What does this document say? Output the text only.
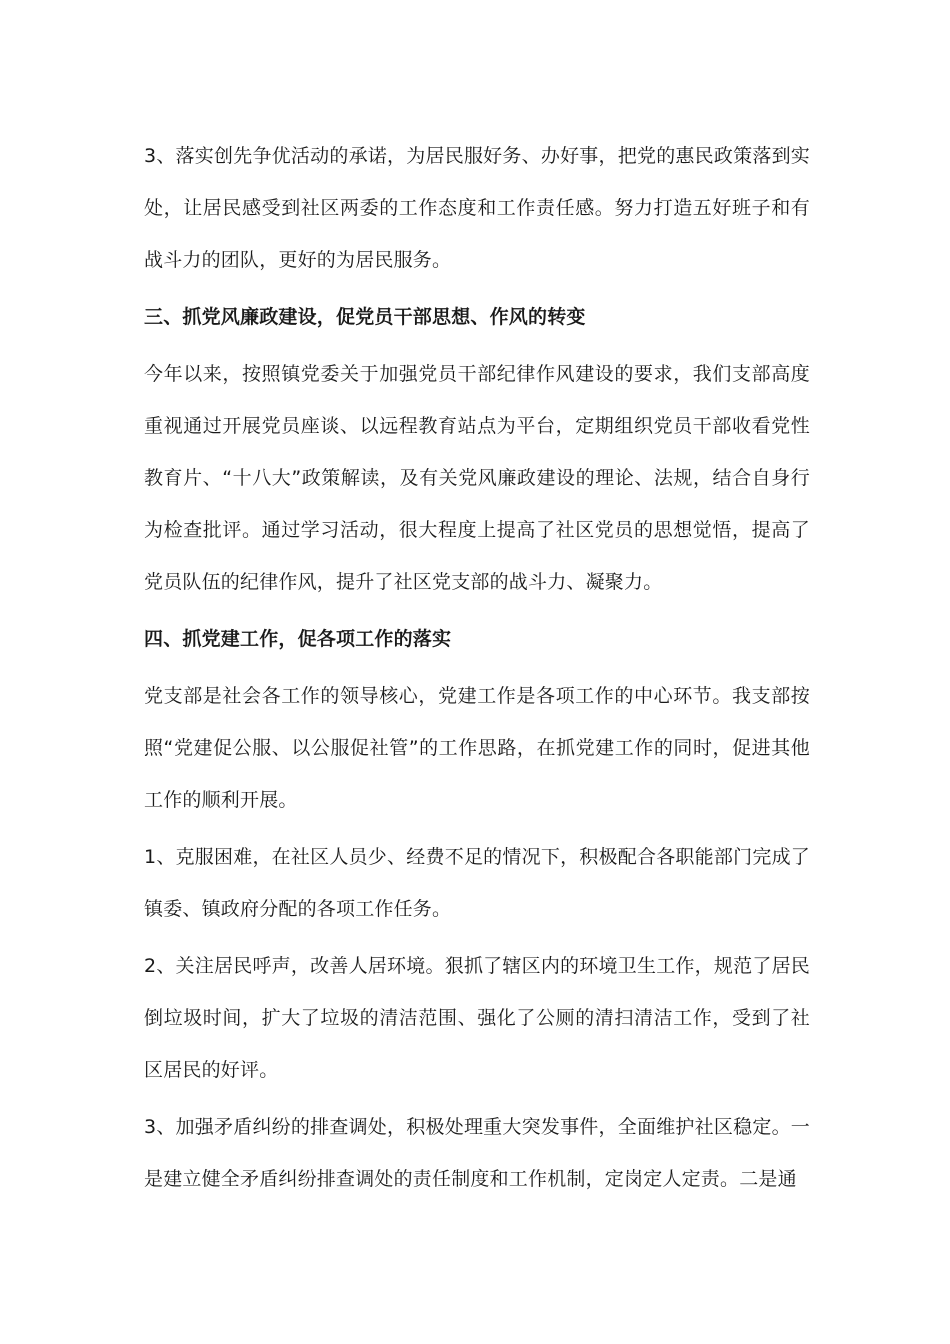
3、落实创先争优活动的承诺，为居民服好务、办好事，把党的惠民政策落到实处，让居民感受到社区两委的工作态度和工作责任感。努力打造五好班子和有战斗力的团队，更好的为居民服务。

三、抓党风廉政建设，促党员干部思想、作风的转变

今年以来，按照镇党委关于加强党员干部纪律作风建设的要求，我们支部高度重视通过开展党员座谈、以远程教育站点为平台，定期组织党员干部收看党性教育片、“十八大”政策解读，及有关党风廉政建设的理论、法规，结合自身行为检查批评。通过学习活动，很大程度上提高了社区党员的思想觉悟，提高了党员队伍的纪律作风，提升了社区党支部的战斗力、凝聚力。

四、抓党建工作，促各项工作的落实

党支部是社会各工作的领导核心，党建工作是各项工作的中心环节。我支部按照“党建促公服、以公服促社管”的工作思路，在抓党建工作的同时，促进其他工作的顺利开展。

1、克服困难，在社区人员少、经费不足的情况下，积极配合各职能部门完成了镇委、镇政府分配的各项工作任务。

2、关注居民呼声，改善人居环境。狠抓了辖区内的环境卫生工作，规范了居民倒垃圾时间，扩大了垃圾的清洁范围、强化了公厕的清扫清洁工作，受到了社区居民的好评。

3、加强矛盾纠纷的排查调处，积极处理重大突发事件，全面维护社区稳定。一是建立健全矛盾纠纷排查调处的责任制度和工作机制，定岗定人定责。二是通
